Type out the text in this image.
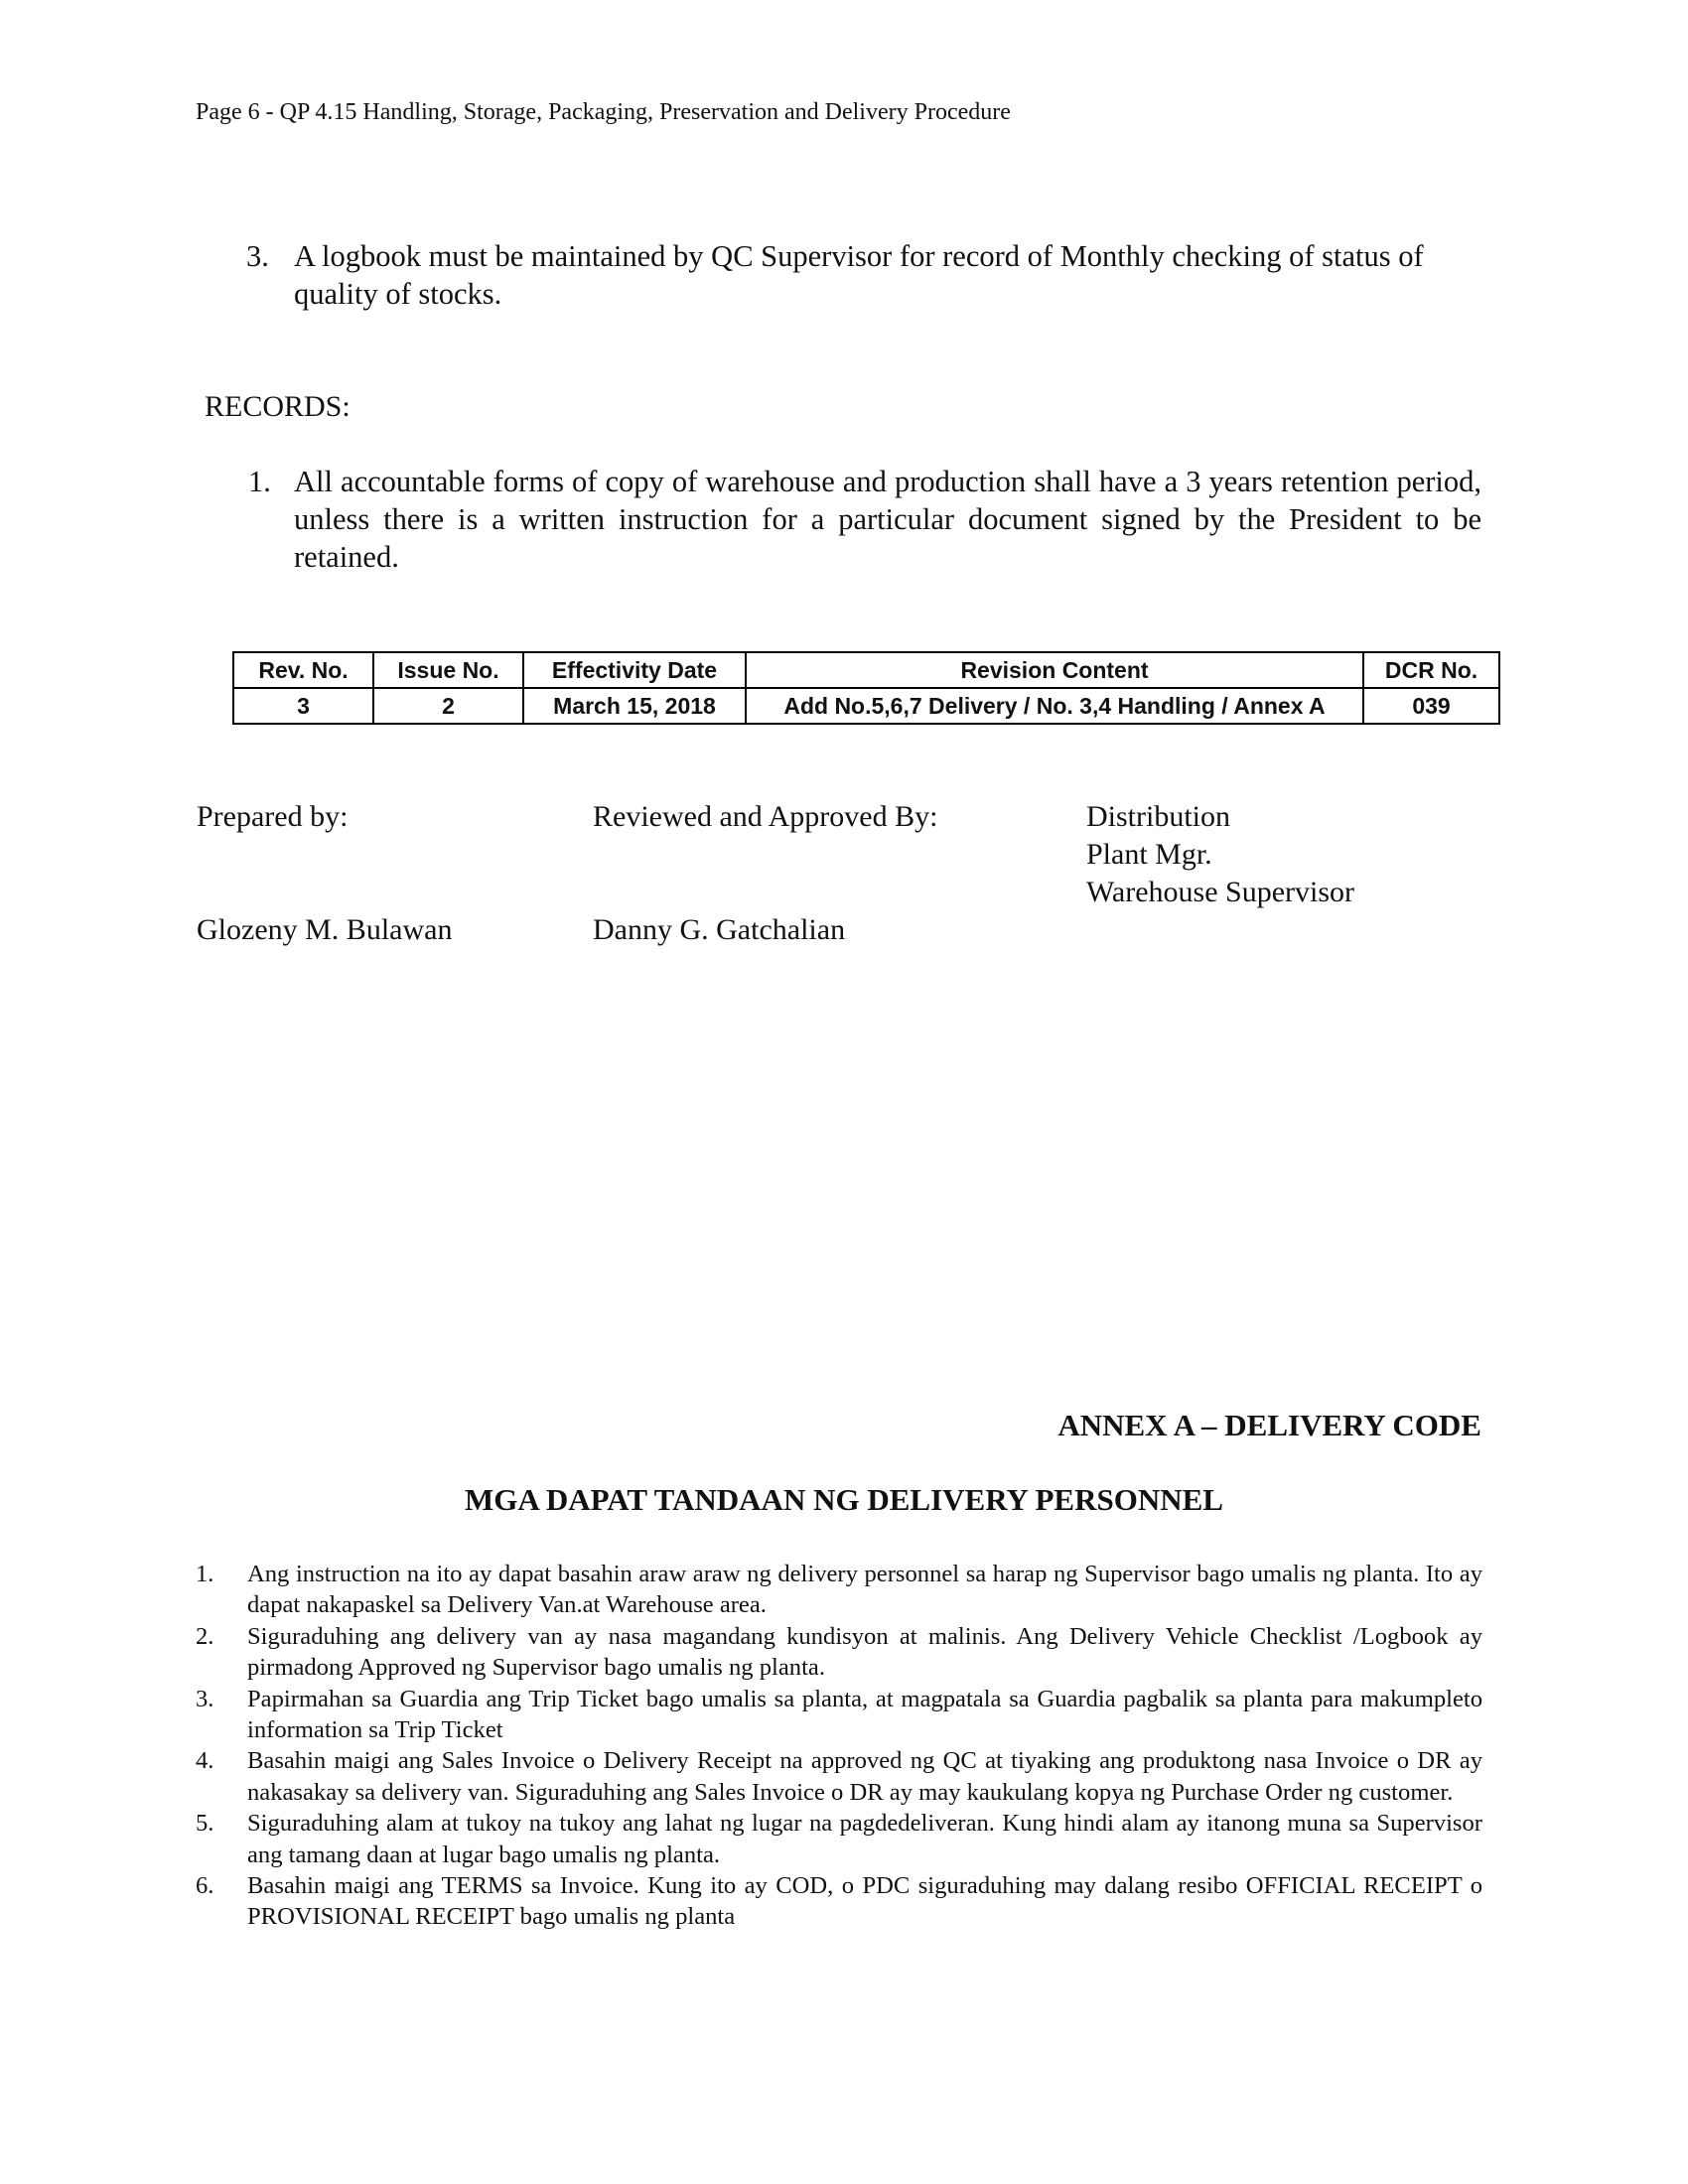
Page 6 - QP 4.15 Handling, Storage, Packaging, Preservation and Delivery Procedure
3. A logbook must be maintained by QC Supervisor for record of Monthly checking of status of quality of stocks.
RECORDS:
1. All accountable forms of copy of warehouse and production shall have a 3 years retention period, unless there is a written instruction for a particular document signed by the President to be retained.
Rev. No.	Issue No.	Effectivity Date	Revision Content	DCR No.
3	2	March 15, 2018	Add No.5,6,7 Delivery / No. 3,4 Handling / Annex A	039
Prepared by:
Glozeny M. Bulawan
Reviewed and Approved By:
Danny G. Gatchalian
Distribution
Plant Mgr.
Warehouse Supervisor
ANNEX A – DELIVERY CODE
MGA DAPAT TANDAAN NG DELIVERY PERSONNEL
1. Ang instruction na ito ay dapat basahin araw araw ng delivery personnel sa harap ng Supervisor bago umalis ng planta. Ito ay dapat nakapaskel sa Delivery Van.at Warehouse area.
2. Siguraduhing ang delivery van ay nasa magandang kundisyon at malinis. Ang Delivery Vehicle Checklist /Logbook ay pirmadong Approved ng Supervisor bago umalis ng planta.
3. Papirmahan sa Guardia ang Trip Ticket bago umalis sa planta, at magpatala sa Guardia pagbalik sa planta para makumpleto information sa Trip Ticket
4. Basahin maigi ang Sales Invoice o Delivery Receipt na approved ng QC at tiyaking ang produktong nasa Invoice o DR ay nakasakay sa delivery van. Siguraduhing ang Sales Invoice o DR ay may kaukulang kopya ng Purchase Order ng customer.
5. Siguraduhing alam at tukoy na tukoy ang lahat ng lugar na pagdedeliveran. Kung hindi alam ay itanong muna sa Supervisor ang tamang daan at lugar bago umalis ng planta.
6. Basahin maigi ang TERMS sa Invoice. Kung ito ay COD, o PDC siguraduhing may dalang resibo OFFICIAL RECEIPT o PROVISIONAL RECEIPT bago umalis ng planta
